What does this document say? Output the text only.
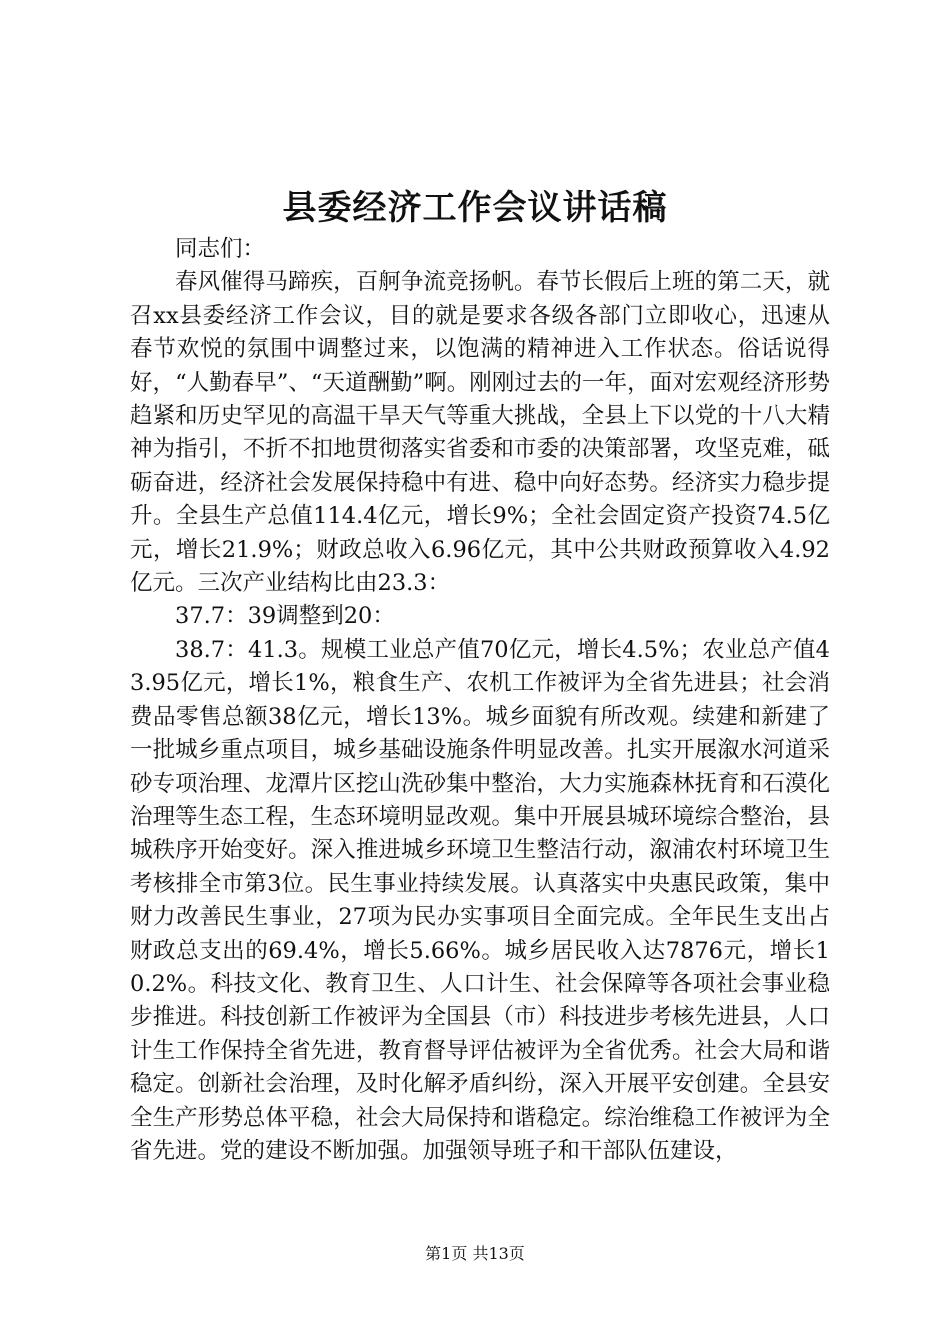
县委经济工作会议讲话稿

同志们：

春风催得马蹄疾，百舸争流竞扬帆。春节长假后上班的第二天，就召xx县委经济工作会议，目的就是要求各级各部门立即收心，迅速从春节欢悦的氛围中调整过来，以饱满的精神进入工作状态。俗话说得好，“人勤春早”、“天道酬勤”啊。刚刚过去的一年，面对宏观经济形势趋紧和历史罕见的高温干旱天气等重大挑战，全县上下以党的十八大精神为指引，不折不扣地贯彻落实省委和市委的决策部署，攻坚克难，砥砺奋进，经济社会发展保持稳中有进、稳中向好态势。经济实力稳步提升。全县生产总值114.4亿元，增长9%；全社会固定资产投资74.5亿元，增长21.9%；财政总收入6.96亿元，其中公共财政预算收入4.92亿元。三次产业结构比由23.3：

37.7：39调整到20：

38.7：41.3。规模工业总产值70亿元，增长4.5%；农业总产值43.95亿元，增长1%，粮食生产、农机工作被评为全省先进县；社会消费品零售总额38亿元，增长13%。城乡面貌有所改观。续建和新建了一批城乡重点项目，城乡基础设施条件明显改善。扎实开展溆水河道采砂专项治理、龙潭片区挖山洗砂集中整治，大力实施森林抚育和石漠化治理等生态工程，生态环境明显改观。集中开展县城环境综合整治，县城秩序开始变好。深入推进城乡环境卫生整洁行动，溆浦农村环境卫生考核排全市第3位。民生事业持续发展。认真落实中央惠民政策，集中财力改善民生事业，27项为民办实事项目全面完成。全年民生支出占财政总支出的69.4%，增长5.66%。城乡居民收入达7876元，增长10.2%。科技文化、教育卫生、人口计生、社会保障等各项社会事业稳步推进。科技创新工作被评为全国县（市）科技进步考核先进县，人口计生工作保持全省先进，教育督导评估被评为全省优秀。社会大局和谐稳定。创新社会治理，及时化解矛盾纠纷，深入开展平安创建。全县安全生产形势总体平稳，社会大局保持和谐稳定。综治维稳工作被评为全省先进。党的建设不断加强。加强领导班子和干部队伍建设，

第1页 共13页
